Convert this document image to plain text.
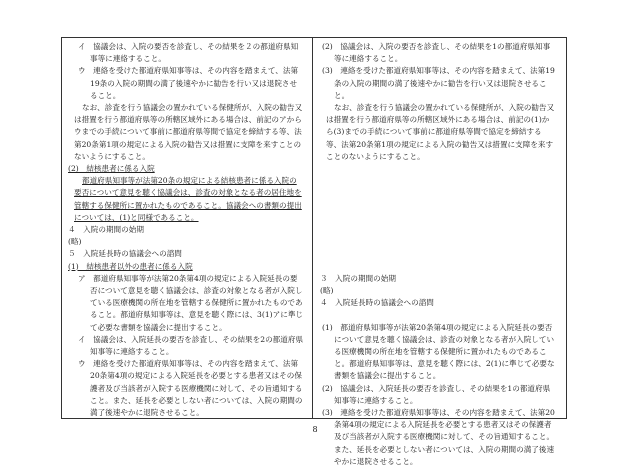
イ　協議会は、入院の要否を診査し、その結果を２の都道府県知事等に連絡すること。

ウ　連絡を受けた都道府県知事等は、その内容を踏まえて、法第19条の入院の期間の満了後速やかに勧告を行い又は退院させること。

なお、診査を行う協議会の置かれている保健所が、入院の勧告又は措置を行う都道府県等の所轄区域外にある場合は、前記のアからウまでの手続について事前に都道府県等間で協定を締結する等、法第20条第1項の規定による入院の勧告又は措置に支障を来すことのないようにすること。

(2)　結核患者に係る入院

都道府県知事等が法第20条の規定による結核患者に係る入院の要否について意見を聴く協議会は、診査の対象となる者の居住地を管轄する保健所に置かれたものであること。協議会への書類の提出については、(1)と同様であること。

４　入院の期間の始期

(略)

５　入院延長時の協議会への諮問

(1)　結核患者以外の患者に係る入院

ア　都道府県知事等が法第20条第4項の規定による入院延長の要否について意見を聴く協議会は、診査の対象となる者が入院している医療機関の所在地を管轄する保健所に置かれたものであること。都道府県知事等は、意見を聴く際には、3(1)アに準じて必要な書類を協議会に提出すること。

イ　協議会は、入院延長の要否を診査し、その結果を2の都道府県知事等に連絡すること。

ウ　連絡を受けた都道府県知事等は、その内容を踏まえて、法第20条第4項の規定による入院延長を必要とする患者又はその保護者及び当該者が入院する医療機関に対して、その旨通知すること。また、延長を必要としない者については、入院の期間の満了後速やかに退院させること。

(2)　協議会は、入院の要否を診査し、その結果を1の都道府県知事等に連絡すること。

(3)　連絡を受けた都道府県知事等は、その内容を踏まえて、法第19条の入院の期間の満了後速やかに勧告を行い又は退院させること。

なお、診査を行う協議会の置かれている保健所が、入院の勧告又は措置を行う都道府県等の所轄区域外にある場合は、前記の(1)から(3)までの手続について事前に都道府県等間で協定を締結する等、法第20条第1項の規定による入院の勧告又は措置に支障を来すことのないようにすること。

３　入院の期間の始期

(略)

４　入院延長時の協議会への諮問

(1)　都道府県知事等が法第20条第4項の規定による入院延長の要否について意見を聴く協議会は、診査の対象となる者が入院している医療機関の所在地を管轄する保健所に置かれたものであること。都道府県知事等は、意見を聴く際には、2(1)に準じて必要な書類を協議会に提出すること。

(2)　協議会は、入院延長の要否を診査し、その結果を1の都道府県知事等に連絡すること。

(3)　連絡を受けた都道府県知事等は、その内容を踏まえて、法第20条第4項の規定による入院延長を必要とする患者又はその保護者及び当該者が入院する医療機関に対して、その旨通知すること。また、延長を必要としない者については、入院の期間の満了後速やかに退院させること。

8
